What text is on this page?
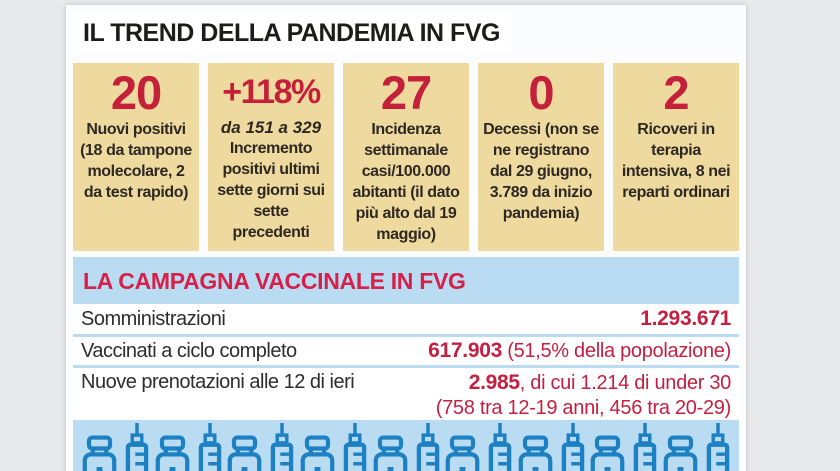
IL TREND DELLA PANDEMIA IN FVG
20
Nuovi positivi (18 da tampone molecolare, 2 da test rapido)
+118%
da 151 a 329
Incremento positivi ultimi sette giorni sui sette precedenti
27
Incidenza settimanale casi/100.000 abitanti (il dato più alto dal 19 maggio)
0
Decessi (non se ne registrano dal 29 giugno, 3.789 da inizio pandemia)
2
Ricoveri in terapia intensiva, 8 nei reparti ordinari
LA CAMPAGNA VACCINALE IN FVG
Somministrazioni	1.293.671
Vaccinati a ciclo completo	617.903 (51,5% della popolazione)
Nuove prenotazioni alle 12 di ieri	2.985, di cui 1.214 di under 30
(758 tra 12-19 anni, 456 tra 20-29)
